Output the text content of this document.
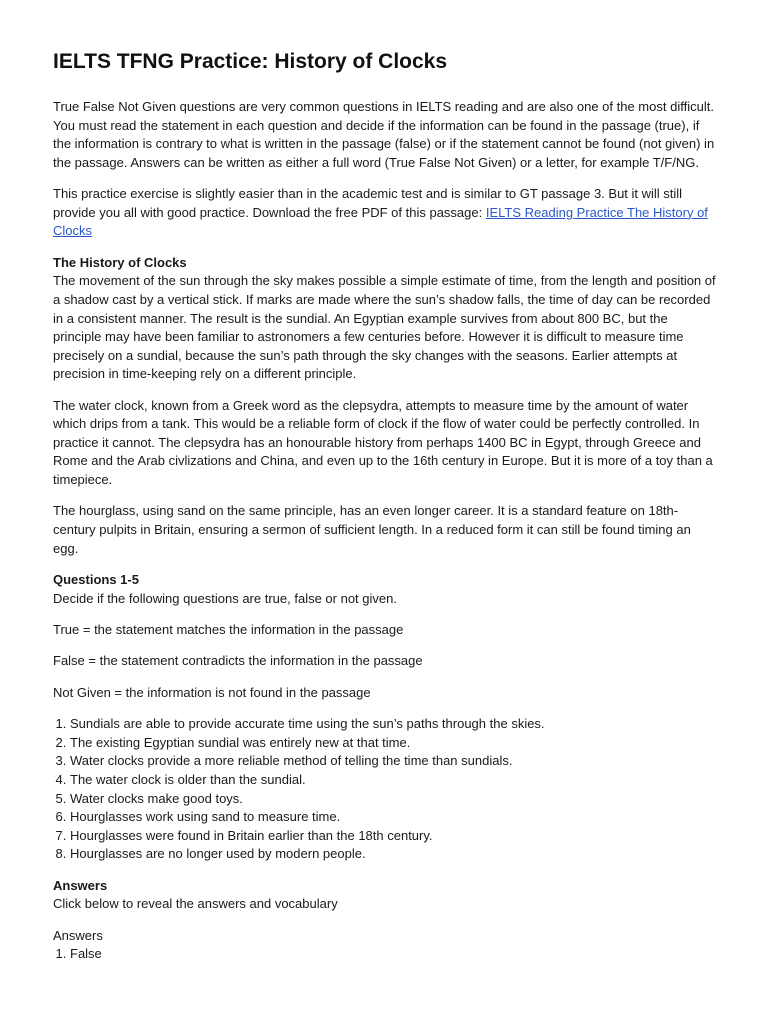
IELTS TFNG Practice: History of Clocks

True False Not Given questions are very common questions in IELTS reading and are also one of the most difficult. You must read the statement in each question and decide if the information can be found in the passage (true), if the information is contrary to what is written in the passage (false) or if the statement cannot be found (not given) in the passage. Answers can be written as either a full word (True False Not Given) or a letter, for example T/F/NG.

This practice exercise is slightly easier than in the academic test and is similar to GT passage 3. But it will still provide you all with good practice. Download the free PDF of this passage: IELTS Reading Practice The History of Clocks

The History of Clocks
The movement of the sun through the sky makes possible a simple estimate of time, from the length and position of a shadow cast by a vertical stick. If marks are made where the sun’s shadow falls, the time of day can be recorded in a consistent manner. The result is the sundial. An Egyptian example survives from about 800 BC, but the principle may have been familiar to astronomers a few centuries before. However it is difficult to measure time precisely on a sundial, because the sun’s path through the sky changes with the seasons. Earlier attempts at precision in time-keeping rely on a different principle.

The water clock, known from a Greek word as the clepsydra, attempts to measure time by the amount of water which drips from a tank. This would be a reliable form of clock if the flow of water could be perfectly controlled. In practice it cannot. The clepsydra has an honourable history from perhaps 1400 BC in Egypt, through Greece and Rome and the Arab civlizations and China, and even up to the 16th century in Europe. But it is more of a toy than a timepiece.

The hourglass, using sand on the same principle, has an even longer career. It is a standard feature on 18th-century pulpits in Britain, ensuring a sermon of sufficient length. In a reduced form it can still be found timing an egg.

Questions 1-5
Decide if the following questions are true, false or not given.

True = the statement matches the information in the passage

False = the statement contradicts the information in the passage

Not Given = the information is not found in the passage

1. Sundials are able to provide accurate time using the sun’s paths through the skies.
2. The existing Egyptian sundial was entirely new at that time.
3. Water clocks provide a more reliable method of telling the time than sundials.
4. The water clock is older than the sundial.
5. Water clocks make good toys.
6. Hourglasses work using sand to measure time.
7. Hourglasses were found in Britain earlier than the 18th century.
8. Hourglasses are no longer used by modern people.

Answers
Click below to reveal the answers and vocabulary

Answers
1. False
